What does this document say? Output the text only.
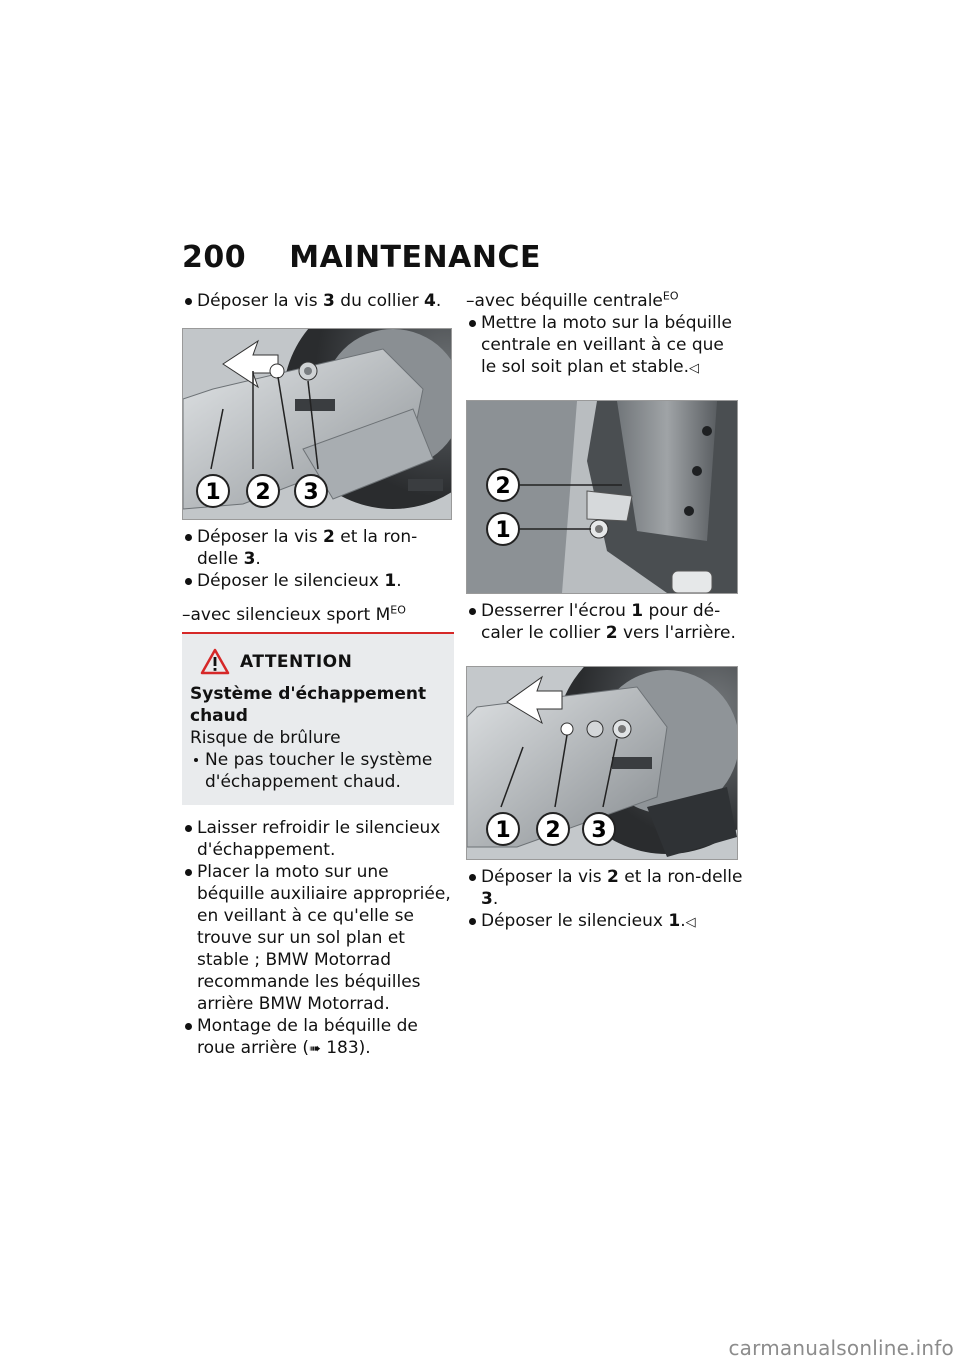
200 MAINTENANCE
Déposer la vis 3 du collier 4.
1 2 3
Déposer la vis 2 et la ron-delle 3.
Déposer le silencieux 1.
–avec silencieux sport $M^{EO}$
ATTENTION
Système d'échappement chaud
Risque de brûlure
Ne pas toucher le système d'échappement chaud.
Laisser refroidir le silencieux d'échappement.
Placer la moto sur une béquille auxiliaire appropriée, en veillant à ce qu'elle se trouve sur un sol plan et stable ; BMW Motorrad recommande les béquilles arrière BMW Motorrad.
Montage de la béquille de roue arrière (➠ 183).
–avec béquille centrale$^{EO}$
Mettre la moto sur la béquille centrale en veillant à ce que le sol soit plan et stable.◁
2
1
Desserrer l'écrou 1 pour dé-caler le collier 2 vers l'arrière.
1 2 3
Déposer la vis 2 et la ron-delle 3.
Déposer le silencieux 1.◁
carmanualsonline.info
